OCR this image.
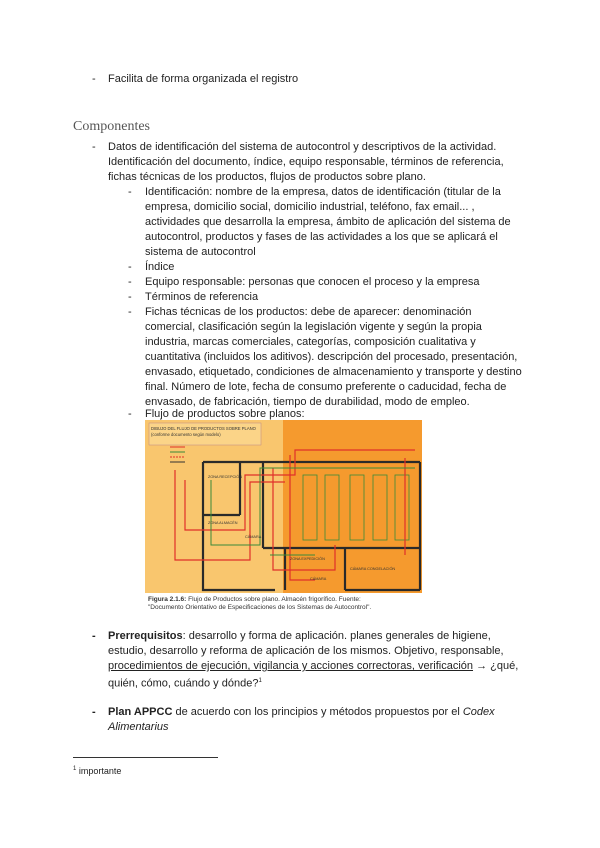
- Facilita de forma organizada el registro
Componentes
- Datos de identificación del sistema de autocontrol y descriptivos de la actividad.
Identificación del documento, índice, equipo responsable, términos de referencia,
fichas técnicas de los productos, flujos de productos sobre plano.
- Identificación: nombre de la empresa, datos de identificación (titular de la
empresa, domicilio social, domicilio industrial, teléfono, fax email... ,
actividades que desarrolla la empresa, ámbito de aplicación del sistema de
autocontrol, productos y fases de las actividades a los que se aplicará el
sistema de autocontrol
- Índice
- Equipo responsable: personas que conocen el proceso y la empresa
- Términos de referencia
- Fichas técnicas de los productos: debe de aparecer: denominación
comercial, clasificación según la legislación vigente y según la propia
industria, marcas comerciales, categorías, composición cualitativa y
cuantitativa (incluidos los aditivos). descripción del procesado, presentación,
envasado, etiquetado, condiciones de almacenamiento y transporte y destino
final. Número de lote, fecha de consumo preferente o caducidad, fecha de
envasado, de fabricación, tiempo de durabilidad, modo de empleo.
- Flujo de productos sobre planos:
DIBUJO DEL FLUJO DE PRODUCTOS SOBRE PLANO
(conforme documento según modelo)
ZONA RECEPCIÓN
ZONA ALMACÉN
CÁMARA
ZONA EXPEDICIÓN
CÁMARA
CÁMARA CONGELACIÓN
Figura 2.1.6: Flujo de Productos sobre plano. Almacén frigorífico. Fuente:
"Documento Orientativo de Especificaciones de los Sistemas de Autocontrol".
- Prerrequisitos: desarrollo y forma de aplicación. planes generales de higiene,
estudio, desarrollo y reforma de aplicación de los mismos. Objetivo, responsable,
procedimientos de ejecución, vigilancia y acciones correctoras, verificación → ¿qué,
quién, cómo, cuándo y dónde?$^1$
- Plan APPCC de acuerdo con los principios y métodos propuestos por el Codex
Alimentarius
$^1$ importante
